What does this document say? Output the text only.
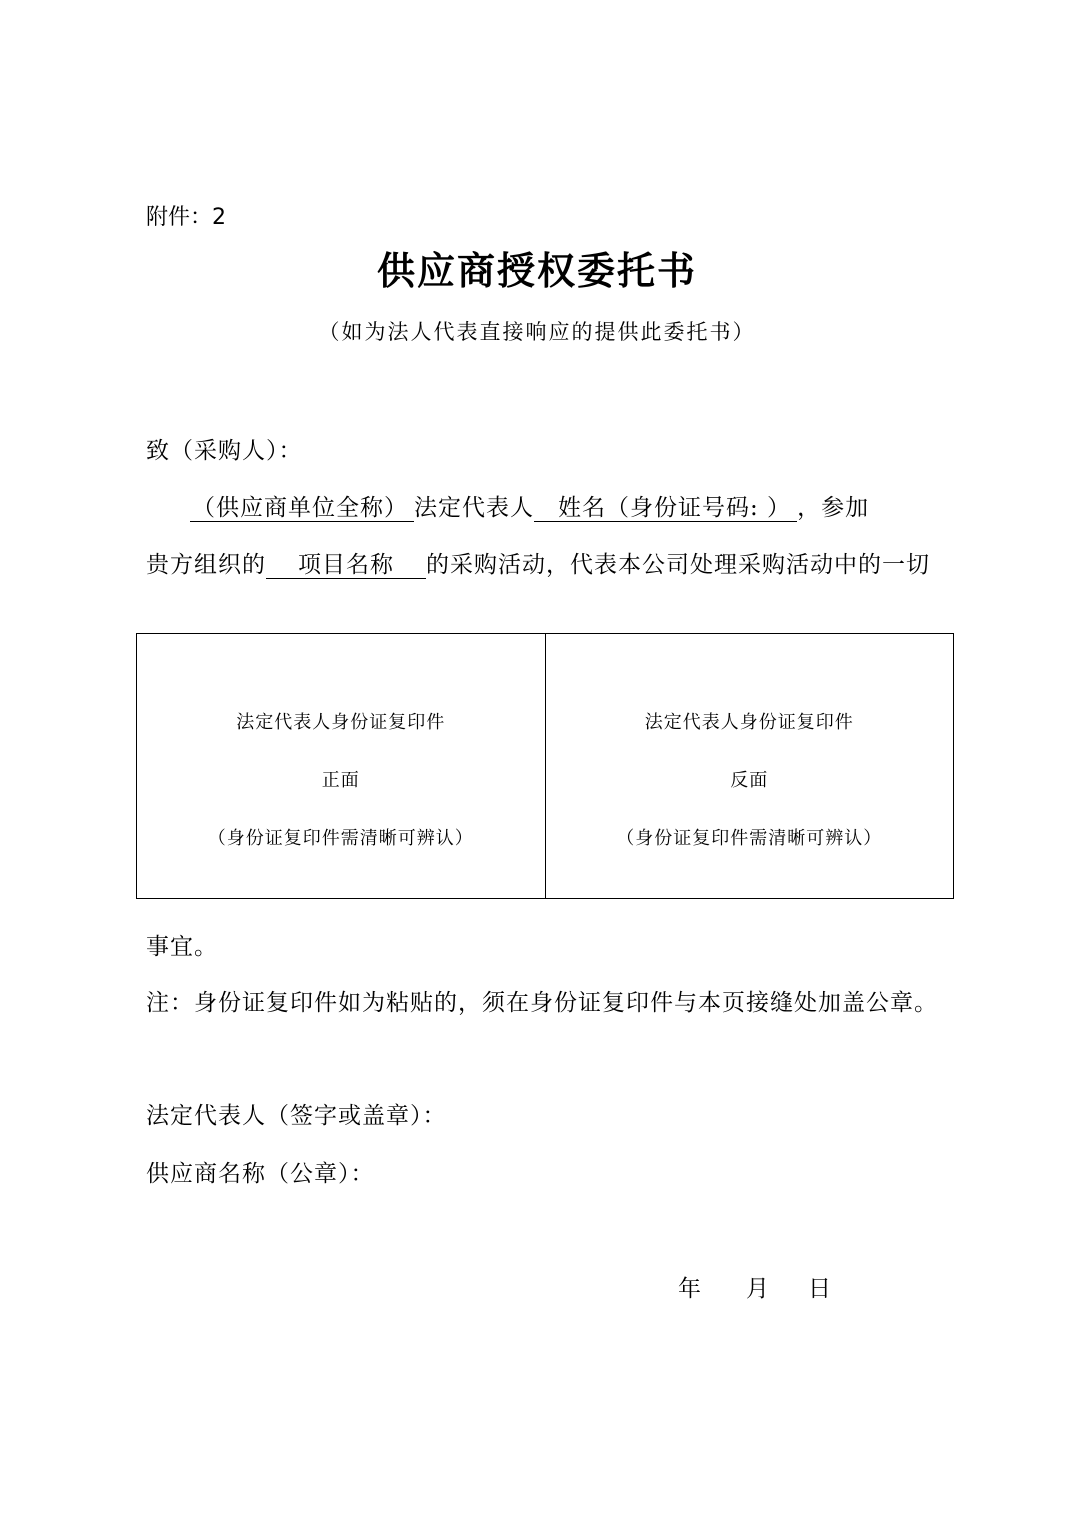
附件：2
供应商授权委托书
（如为法人代表直接响应的提供此委托书）
致（采购人）：
（供应商单位全称） 法定代表人 姓名（身份证号码: ） ，参加
贵方组织的 项目名称 的采购活动，代表本公司处理采购活动中的一切
法定代表人身份证复印件
正面
（身份证复印件需清晰可辨认）
法定代表人身份证复印件
反面
（身份证复印件需清晰可辨认）
事宜。
注：身份证复印件如为粘贴的，须在身份证复印件与本页接缝处加盖公章。
法定代表人（签字或盖章）：
供应商名称（公章）：
年 月 日
